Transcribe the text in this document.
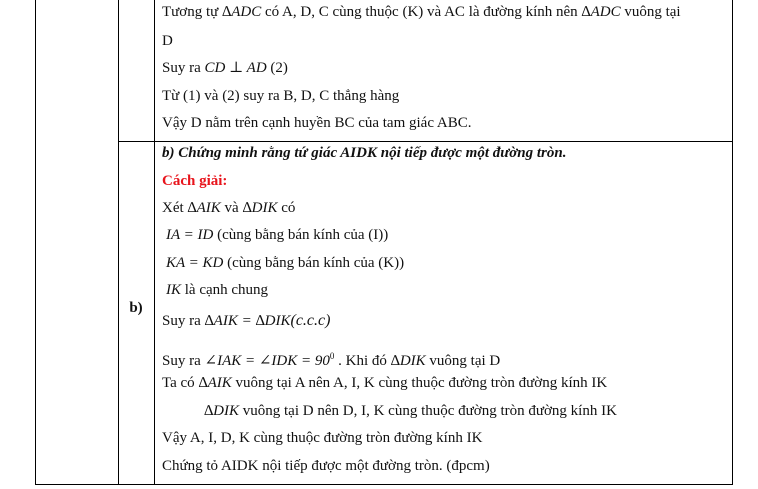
Tương tự ∆ADC có A, D, C cùng thuộc (K) và AC là đường kính nên ∆ADC vuông tại
D
Suy ra CD ⊥ AD (2)
Từ (1) và (2) suy ra B, D, C thẳng hàng
Vậy D nằm trên cạnh huyền BC của tam giác ABC.
b)
b) Chứng minh rằng tứ giác AIDK nội tiếp được một đường tròn.
Cách giải:
Xét ∆AIK và ∆DIK có
IA = ID (cùng bằng bán kính của (I))
KA = KD (cùng bằng bán kính của (K))
IK là cạnh chung
Suy ra ∆AIK = ∆DIK(c.c.c)
Suy ra ∠IAK = ∠IDK = $90^0$ . Khi đó ∆DIK vuông tại D
Ta có ∆AIK vuông tại A nên A, I, K cùng thuộc đường tròn đường kính IK
∆DIK vuông tại D nên D, I, K cùng thuộc đường tròn đường kính IK
Vậy A, I, D, K cùng thuộc đường tròn đường kính IK
Chứng tỏ AIDK nội tiếp được một đường tròn. (đpcm)
